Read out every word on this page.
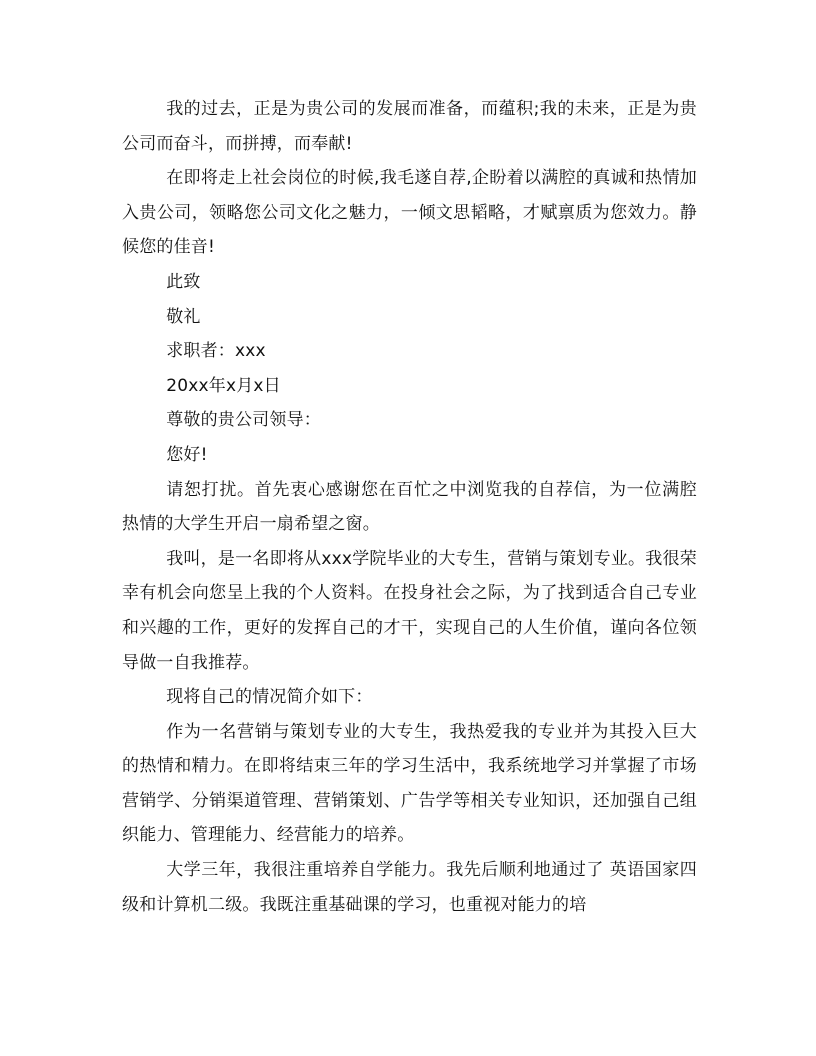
我的过去，正是为贵公司的发展而准备，而蕴积;我的未来，正是为贵公司而奋斗，而拼搏，而奉献!

在即将走上社会岗位的时候,我毛遂自荐,企盼着以满腔的真诚和热情加入贵公司，领略您公司文化之魅力，一倾文思韬略，才赋禀质为您效力。静候您的佳音!

此致

敬礼

求职者：xxx

20xx年x月x日

尊敬的贵公司领导：

您好!

请恕打扰。首先衷心感谢您在百忙之中浏览我的自荐信，为一位满腔热情的大学生开启一扇希望之窗。

我叫，是一名即将从xxx学院毕业的大专生，营销与策划专业。我很荣幸有机会向您呈上我的个人资料。在投身社会之际，为了找到适合自己专业和兴趣的工作，更好的发挥自己的才干，实现自己的人生价值，谨向各位领导做一自我推荐。

现将自己的情况简介如下：

作为一名营销与策划专业的大专生，我热爱我的专业并为其投入巨大的热情和精力。在即将结束三年的学习生活中，我系统地学习并掌握了市场营销学、分销渠道管理、营销策划、广告学等相关专业知识，还加强自己组织能力、管理能力、经营能力的培养。

大学三年，我很注重培养自学能力。我先后顺利地通过了 英语国家四级和计算机二级。我既注重基础课的学习，也重视对能力的培
